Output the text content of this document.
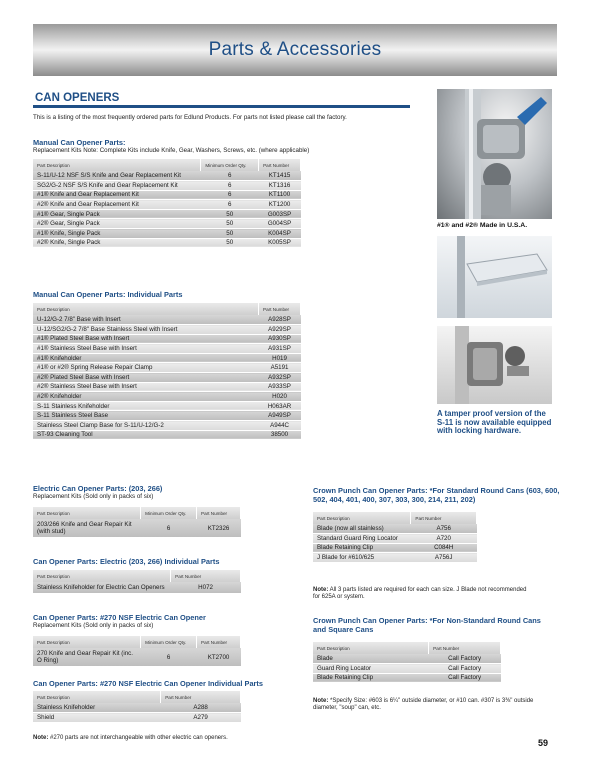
Parts & Accessories
CAN OPENERS
This is a listing of the most frequently ordered parts for Edlund Products. For parts not listed please call the factory.
Manual Can Opener Parts:
Replacement Kits Note: Complete Kits include Knife, Gear, Washers, Screws, etc. (where applicable)
Part Description	Minimum Order Qty.	Part Number
S-11/U-12 NSF S/S Knife and Gear Replacement Kit	6	KT1415
SG2/G-2 NSF S/S Knife and Gear Replacement Kit	6	KT1316
#1® Knife and Gear Replacement Kit	6	KT1100
#2® Knife and Gear Replacement Kit	6	KT1200
#1® Gear, Single Pack	50	G003SP
#2® Gear, Single Pack	50	G004SP
#1® Knife, Single Pack	50	K004SP
#2® Knife, Single Pack	50	K005SP
Manual Can Opener Parts: Individual Parts
Part Description	Part Number
U-12/G-2 7/8" Base with Insert	A928SP
U-12/SG2/G-2 7/8" Base Stainless Steel with Insert	A929SP
#1® Plated Steel Base with Insert	A930SP
#1® Stainless Steel Base with Insert	A931SP
#1® Knifeholder	H019
#1® or #2® Spring Release Repair Clamp	A5191
#2® Plated Steel Base with Insert	A932SP
#2® Stainless Steel Base with Insert	A933SP
#2® Knifeholder	H020
S-11 Stainless Knifeholder	H063AR
S-11 Stainless Steel Base	A949SP
Stainless Steel Clamp Base for S-11/U-12/G-2	A944C
ST-93 Cleaning Tool	38500
#1® and #2® Made in U.S.A.
A tamper proof version of the S-11 is now available equipped with locking hardware.
Electric Can Opener Parts: (203, 266)
Replacement Kits (Sold only in packs of six)
Part Description	Minimum Order Qty.	Part Number
203/266 Knife and Gear Repair Kit (with stud)	6	KT2326
Can Opener Parts: Electric (203, 266) Individual Parts
Part Description	Part Number
Stainless Knifeholder for Electric Can Openers	H072
Can Opener Parts: #270 NSF Electric Can Opener
Replacement Kits (Sold only in packs of six)
Part Description	Minimum Order Qty.	Part Number
270 Knife and Gear Repair Kit (inc. O Ring)	6	KT2700
Can Opener Parts: #270 NSF Electric Can Opener Individual Parts
Part Description	Part Number
Stainless Knifeholder	A288
Shield	A279
Note: #270 parts are not interchangeable with other electric can openers.
Crown Punch Can Opener Parts: *For Standard Round Cans (603, 600, 502, 404, 401, 400, 307, 303, 300, 214, 211, 202)
Part Description	Part Number
Blade (now all stainless)	A756
Standard Guard Ring Locator	A720
Blade Retaining Clip	C084H
J Blade for #610/625	A756J
Note: All 3 parts listed are required for each can size. J Blade not recommended for 625A or system.
Crown Punch Can Opener Parts: *For Non-Standard Round Cans and Square Cans
Part Description	Part Number
Blade	Call Factory
Guard Ring Locator	Call Factory
Blade Retaining Clip	Call Factory
Note: *Specify Size: #603 is 6¼" outside diameter, or #10 can. #307 is 3⅜" outside diameter, "soup" can, etc.
59
